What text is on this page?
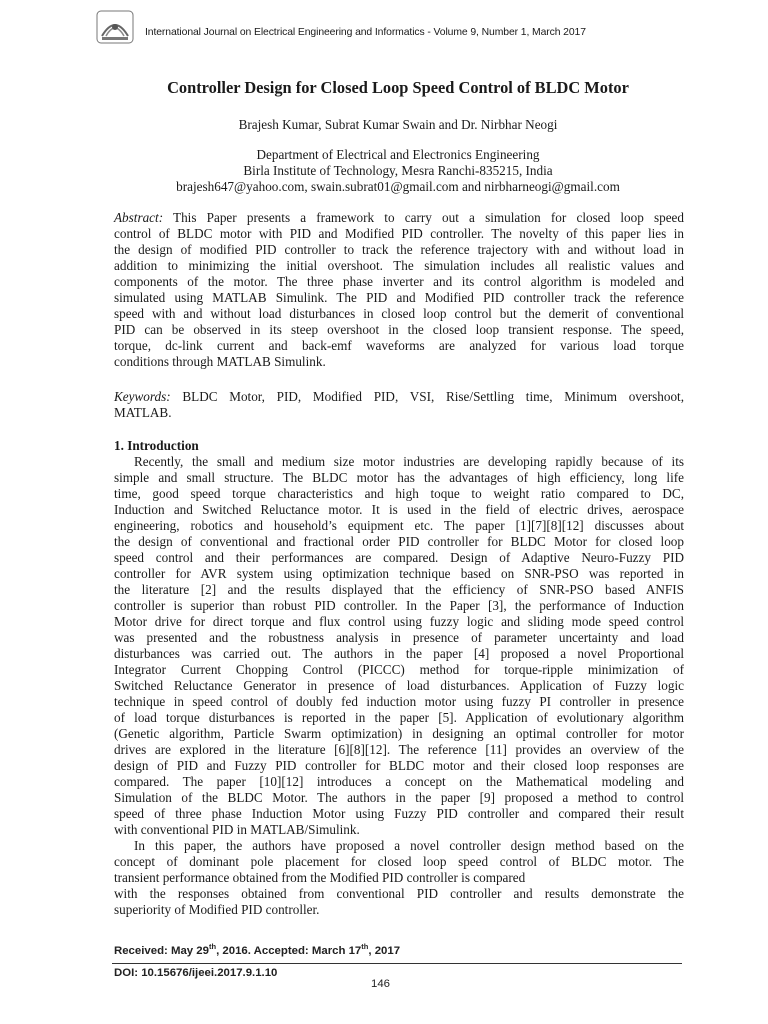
International Journal on Electrical Engineering and Informatics - Volume 9, Number 1, March 2017
Controller Design for Closed Loop Speed Control of BLDC Motor
Brajesh Kumar, Subrat Kumar Swain and Dr. Nirbhar Neogi
Department of Electrical and Electronics Engineering
Birla Institute of Technology, Mesra Ranchi-835215, India
brajesh647@yahoo.com, swain.subrat01@gmail.com and nirbharneogi@gmail.com
Abstract: This Paper presents a framework to carry out a simulation for closed loop speed
control of BLDC motor with PID and Modified PID controller. The novelty of this paper lies in
the design of modified PID controller to track the reference trajectory with and without load in
addition to minimizing the initial overshoot. The simulation includes all realistic values and
components of the motor. The three phase inverter and its control algorithm is modeled and
simulated using MATLAB Simulink. The PID and Modified PID controller track the reference
speed with and without load disturbances in closed loop control but the demerit of conventional
PID can be observed in its steep overshoot in the closed loop transient response. The speed,
torque, dc-link current and back-emf waveforms are analyzed for various load torque
conditions through MATLAB Simulink.
Keywords: BLDC Motor, PID, Modified PID, VSI, Rise/Settling time, Minimum overshoot,
MATLAB.
1. Introduction
Recently, the small and medium size motor industries are developing rapidly because of its
simple and small structure. The BLDC motor has the advantages of high efficiency, long life
time, good speed torque characteristics and high toque to weight ratio compared to DC,
Induction and Switched Reluctance motor. It is used in the field of electric drives, aerospace
engineering, robotics and household’s equipment etc. The paper [1][7][8][12] discusses about
the design of conventional and fractional order PID controller for BLDC Motor for closed loop
speed control and their performances are compared. Design of Adaptive Neuro-Fuzzy PID
controller for AVR system using optimization technique based on SNR-PSO was reported in
the literature [2] and the results displayed that the efficiency of SNR-PSO based ANFIS
controller is superior than robust PID controller. In the Paper [3], the performance of Induction
Motor drive for direct torque and flux control using fuzzy logic and sliding mode speed control
was presented and the robustness analysis in presence of parameter uncertainty and load
disturbances was carried out. The authors in the paper [4] proposed a novel Proportional
Integrator Current Chopping Control (PICCC) method for torque-ripple minimization of
Switched Reluctance Generator in presence of load disturbances. Application of Fuzzy logic
technique in speed control of doubly fed induction motor using fuzzy PI controller in presence
of load torque disturbances is reported in the paper [5]. Application of evolutionary algorithm
(Genetic algorithm, Particle Swarm optimization) in designing an optimal controller for motor
drives are explored in the literature [6][8][12]. The reference [11] provides an overview of the
design of PID and Fuzzy PID controller for BLDC motor and their closed loop responses are
compared. The paper [10][12] introduces a concept on the Mathematical modeling and
Simulation of the BLDC Motor. The authors in the paper [9] proposed a method to control
speed of three phase Induction Motor using Fuzzy PID controller and compared their result
with conventional PID in MATLAB/Simulink.
In this paper, the authors have proposed a novel controller design method based on the
concept of dominant pole placement for closed loop speed control of BLDC motor. The
transient performance obtained from the Modified PID controller is compared
with the responses obtained from conventional PID controller and results demonstrate the
superiority of Modified PID controller.
Received: May 29th, 2016. Accepted: March 17th, 2017
DOI: 10.15676/ijeei.2017.9.1.10
146
